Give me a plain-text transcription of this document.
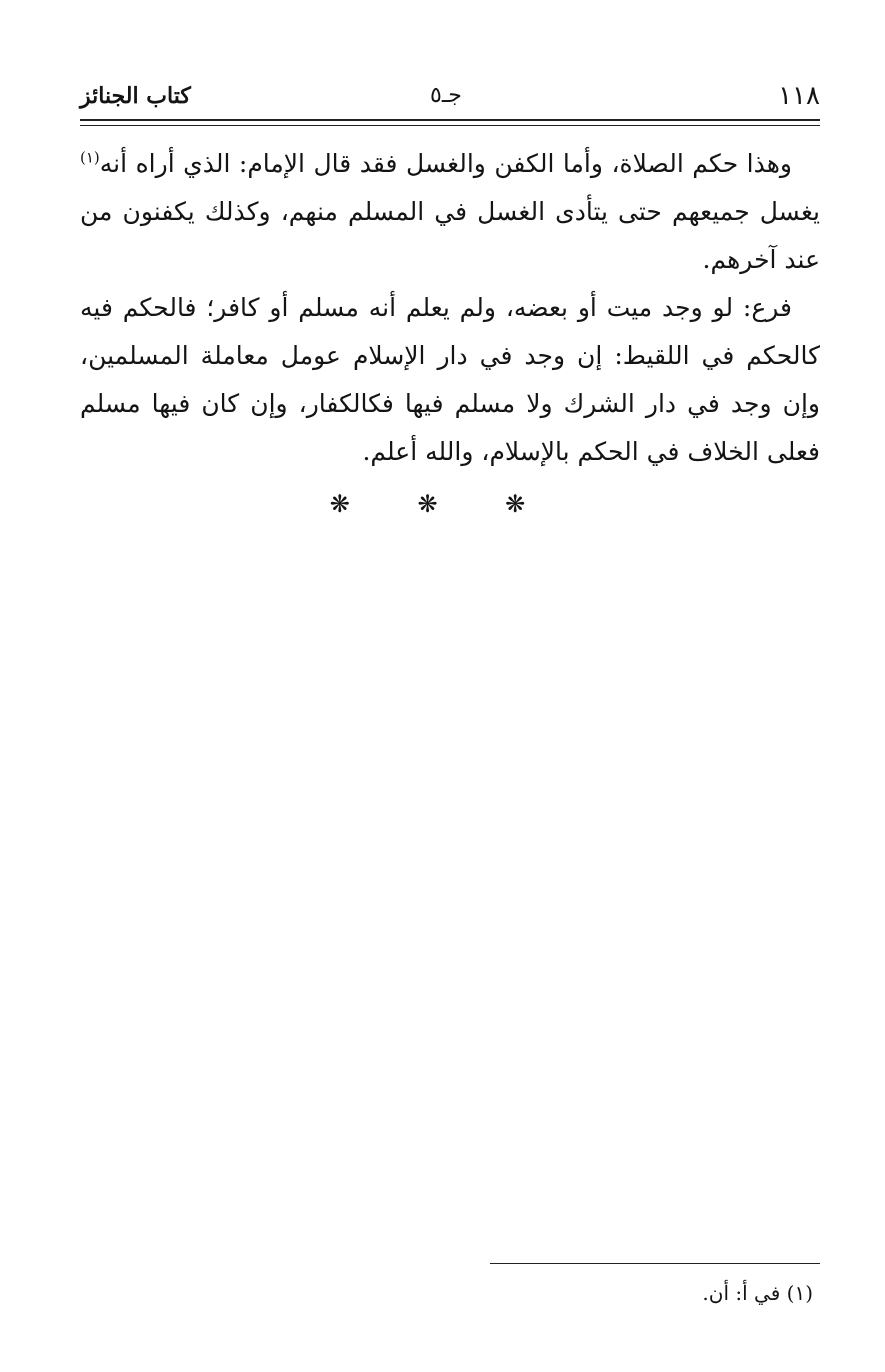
١١٨
جـ٥
كتاب الجنائز

وهذا حكم الصلاة، وأما الكفن والغسل فقد قال الإمام: الذي أراه أنه$^{(١)}$ يغسل جميعهم حتى يتأدى الغسل في المسلم منهم، وكذلك يكفنون من عند آخرهم.

فرع: لو وجد ميت أو بعضه، ولم يعلم أنه مسلم أو كافر؛ فالحكم فيه كالحكم في اللقيط: إن وجد في دار الإسلام عومل معاملة المسلمين، وإن وجد في دار الشرك ولا مسلم فيها فكالكفار، وإن كان فيها مسلم فعلى الخلاف في الحكم بالإسلام، والله أعلم.

❋ ❋ ❋
(١) في أ: أن.
